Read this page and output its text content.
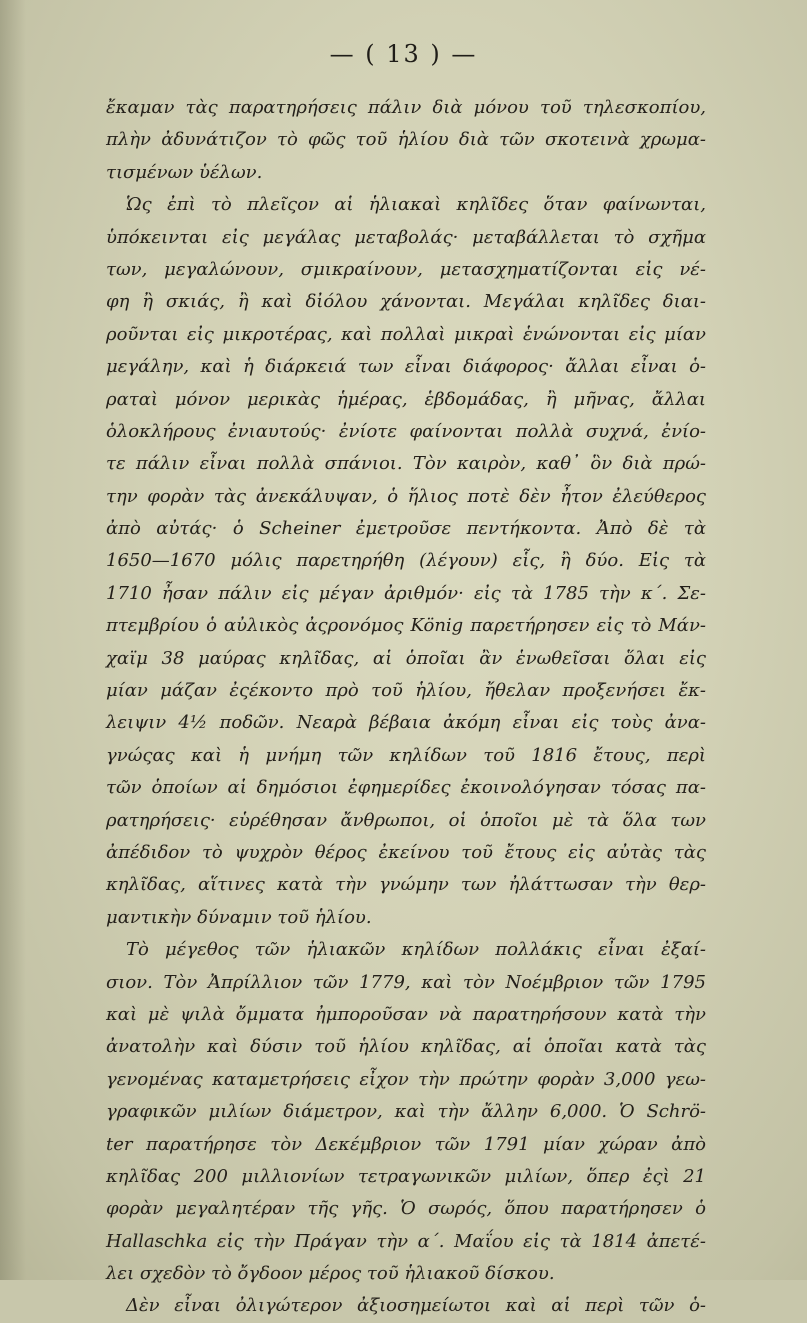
— ( 13 ) —
ἔκαμαν τὰς παρατηρήσεις πάλιν διὰ μόνου τοῦ τηλεσκοπίου,
πλὴν ἀδυνάτιζον τὸ φῶς τοῦ ἡλίου διὰ τῶν σκοτεινὰ χρωμα-
τισμένων ὑέλων.
Ὡς ἐπὶ τὸ πλεῖςον αἱ ἡλιακαὶ κηλῖδες ὅταν φαίνωνται,
ὑπόκεινται εἰς μεγάλας μεταβολάς· μεταβάλλεται τὸ σχῆμα
των, μεγαλώνουν, σμικραίνουν, μετασχηματίζονται εἰς νέ-
φη ἢ σκιάς, ἢ καὶ δἰόλου χάνονται. Μεγάλαι κηλῖδες διαι-
ροῦνται εἰς μικροτέρας, καὶ πολλαὶ μικραὶ ἑνώνονται εἰς μίαν
μεγάλην, καὶ ἡ διάρκειά των εἶναι διάφορος· ἄλλαι εἶναι ὁ-
ραταὶ μόνον μερικὰς ἡμέρας, ἑβδομάδας, ἢ μῆνας, ἄλλαι
ὁλοκλήρους ἐνιαυτούς· ἐνίοτε φαίνονται πολλὰ συχνά, ἐνίο-
τε πάλιν εἶναι πολλὰ σπάνιοι. Τὸν καιρὸν, καθ᾽ ὃν διὰ πρώ-
την φορὰν τὰς ἀνεκάλυψαν, ὁ ἥλιος ποτὲ δὲν ἦτον ἐλεύθερος
ἀπὸ αὐτάς· ὁ Scheiner ἐμετροῦσε πεντήκοντα. Ἀπὸ δὲ τὰ
1650—1670 μόλις παρετηρήθη (λέγουν) εἷς, ἢ δύο. Εἰς τὰ
1710 ἦσαν πάλιν εἰς μέγαν ἀριθμόν· εἰς τὰ 1785 τὴν κ΄. Σε-
πτεμβρίου ὁ αὐλικὸς ἀςρονόμος König παρετήρησεν εἰς τὸ Μάν-
χαϊμ 38 μαύρας κηλῖδας, αἱ ὁποῖαι ἂν ἑνωθεῖσαι ὅλαι εἰς
μίαν μάζαν ἐςέκοντο πρὸ τοῦ ἡλίου, ἤθελαν προξενήσει ἔκ-
λειψιν 4½ ποδῶν. Νεαρὰ βέβαια ἀκόμη εἶναι εἰς τοὺς ἀνα-
γνώςας καὶ ἡ μνήμη τῶν κηλίδων τοῦ 1816 ἔτους, περὶ
τῶν ὁποίων αἱ δημόσιοι ἐφημερίδες ἐκοινολόγησαν τόσας πα-
ρατηρήσεις· εὑρέθησαν ἄνθρωποι, οἱ ὁποῖοι μὲ τὰ ὅλα των
ἀπέδιδον τὸ ψυχρὸν θέρος ἐκείνου τοῦ ἔτους εἰς αὐτὰς τὰς
κηλῖδας, αἵτινες κατὰ τὴν γνώμην των ἠλάττωσαν τὴν θερ-
μαντικὴν δύναμιν τοῦ ἡλίου.
Τὸ μέγεθος τῶν ἡλιακῶν κηλίδων πολλάκις εἶναι ἐξαί-
σιον. Τὸν Ἀπρίλλιον τῶν 1779, καὶ τὸν Νοέμβριον τῶν 1795
καὶ μὲ ψιλὰ ὄμματα ἠμποροῦσαν νὰ παρατηρήσουν κατὰ τὴν
ἀνατολὴν καὶ δύσιν τοῦ ἡλίου κηλῖδας, αἱ ὁποῖαι κατὰ τὰς
γενομένας καταμετρήσεις εἶχον τὴν πρώτην φορὰν 3,000 γεω-
γραφικῶν μιλίων διάμετρον, καὶ τὴν ἄλλην 6,000. Ὁ Schrö-
ter παρατήρησε τὸν Δεκέμβριον τῶν 1791 μίαν χώραν ἀπὸ
κηλῖδας 200 μιλλιονίων τετραγωνικῶν μιλίων, ὅπερ ἐςὶ 21
φορὰν μεγαλητέραν τῆς γῆς. Ὁ σωρός, ὅπου παρατήρησεν ὁ
Hallaschka εἰς τὴν Πράγαν τὴν α΄. Μαΐου εἰς τὰ 1814 ἀπετέ-
λει σχεδὸν τὸ ὄγδοον μέρος τοῦ ἡλιακοῦ δίσκου.
Δὲν εἶναι ὀλιγώτερον ἀξιοσημείωτοι καὶ αἱ περὶ τῶν ὁ-
